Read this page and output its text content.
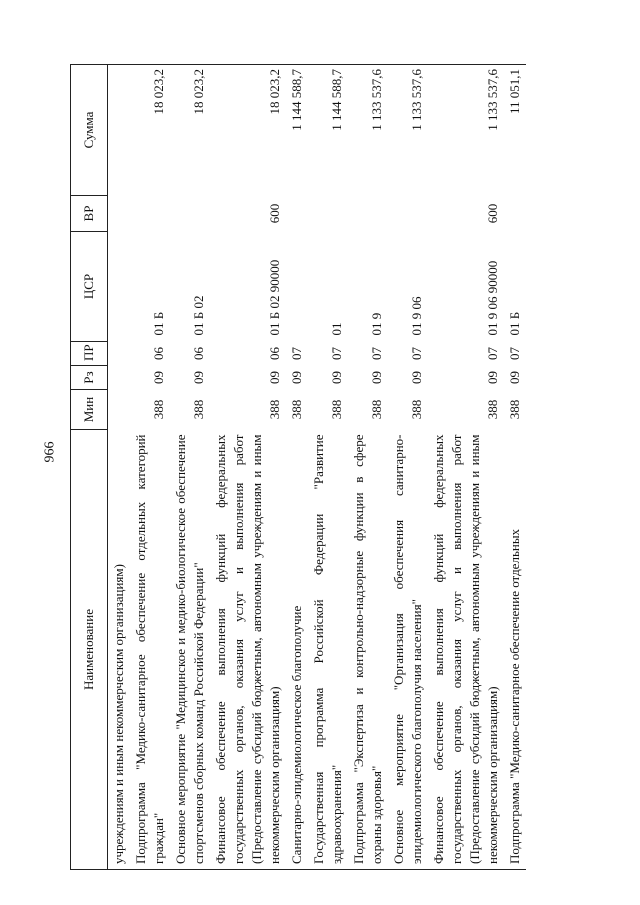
966
Наименование	Мин	Рз	ПР	ЦСР	ВР	Сумма
учреждениям и иным некоммерческим организациям)						
Подпрограмма "Медико-санитарное обеспечение отдельных категорий граждан"	388	09	06	01 Б		18 023,2
Основное мероприятие "Медицинское и медико-биологическое обеспечение спортсменов сборных команд Российской Федерации"	388	09	06	01 Б 02		18 023,2
Финансовое обеспечение выполнения функций федеральных государственных органов, оказания услуг и выполнения работ (Предоставление субсидий бюджетным, автономным учреждениям и иным некоммерческим организациям)	388	09	06	01 Б 02 90000	600	18 023,2
Санитарно-эпидемиологическое благополучие	388	09	07			1 144 588,7
Государственная программа Российской Федерации "Развитие здравоохранения"	388	09	07	01		1 144 588,7
Подпрограмма "Экспертиза и контрольно-надзорные функции в сфере охраны здоровья"	388	09	07	01 9		1 133 537,6
Основное мероприятие "Организация обеспечения санитарно-эпидемиологического благополучия населения"	388	09	07	01 9 06		1 133 537,6
Финансовое обеспечение выполнения функций федеральных государственных органов, оказания услуг и выполнения работ (Предоставление субсидий бюджетным, автономным учреждениям и иным некоммерческим организациям)	388	09	07	01 9 06 90000	600	1 133 537,6
Подпрограмма "Медико-санитарное обеспечение отдельных	388	09	07	01 Б		11 051,1
